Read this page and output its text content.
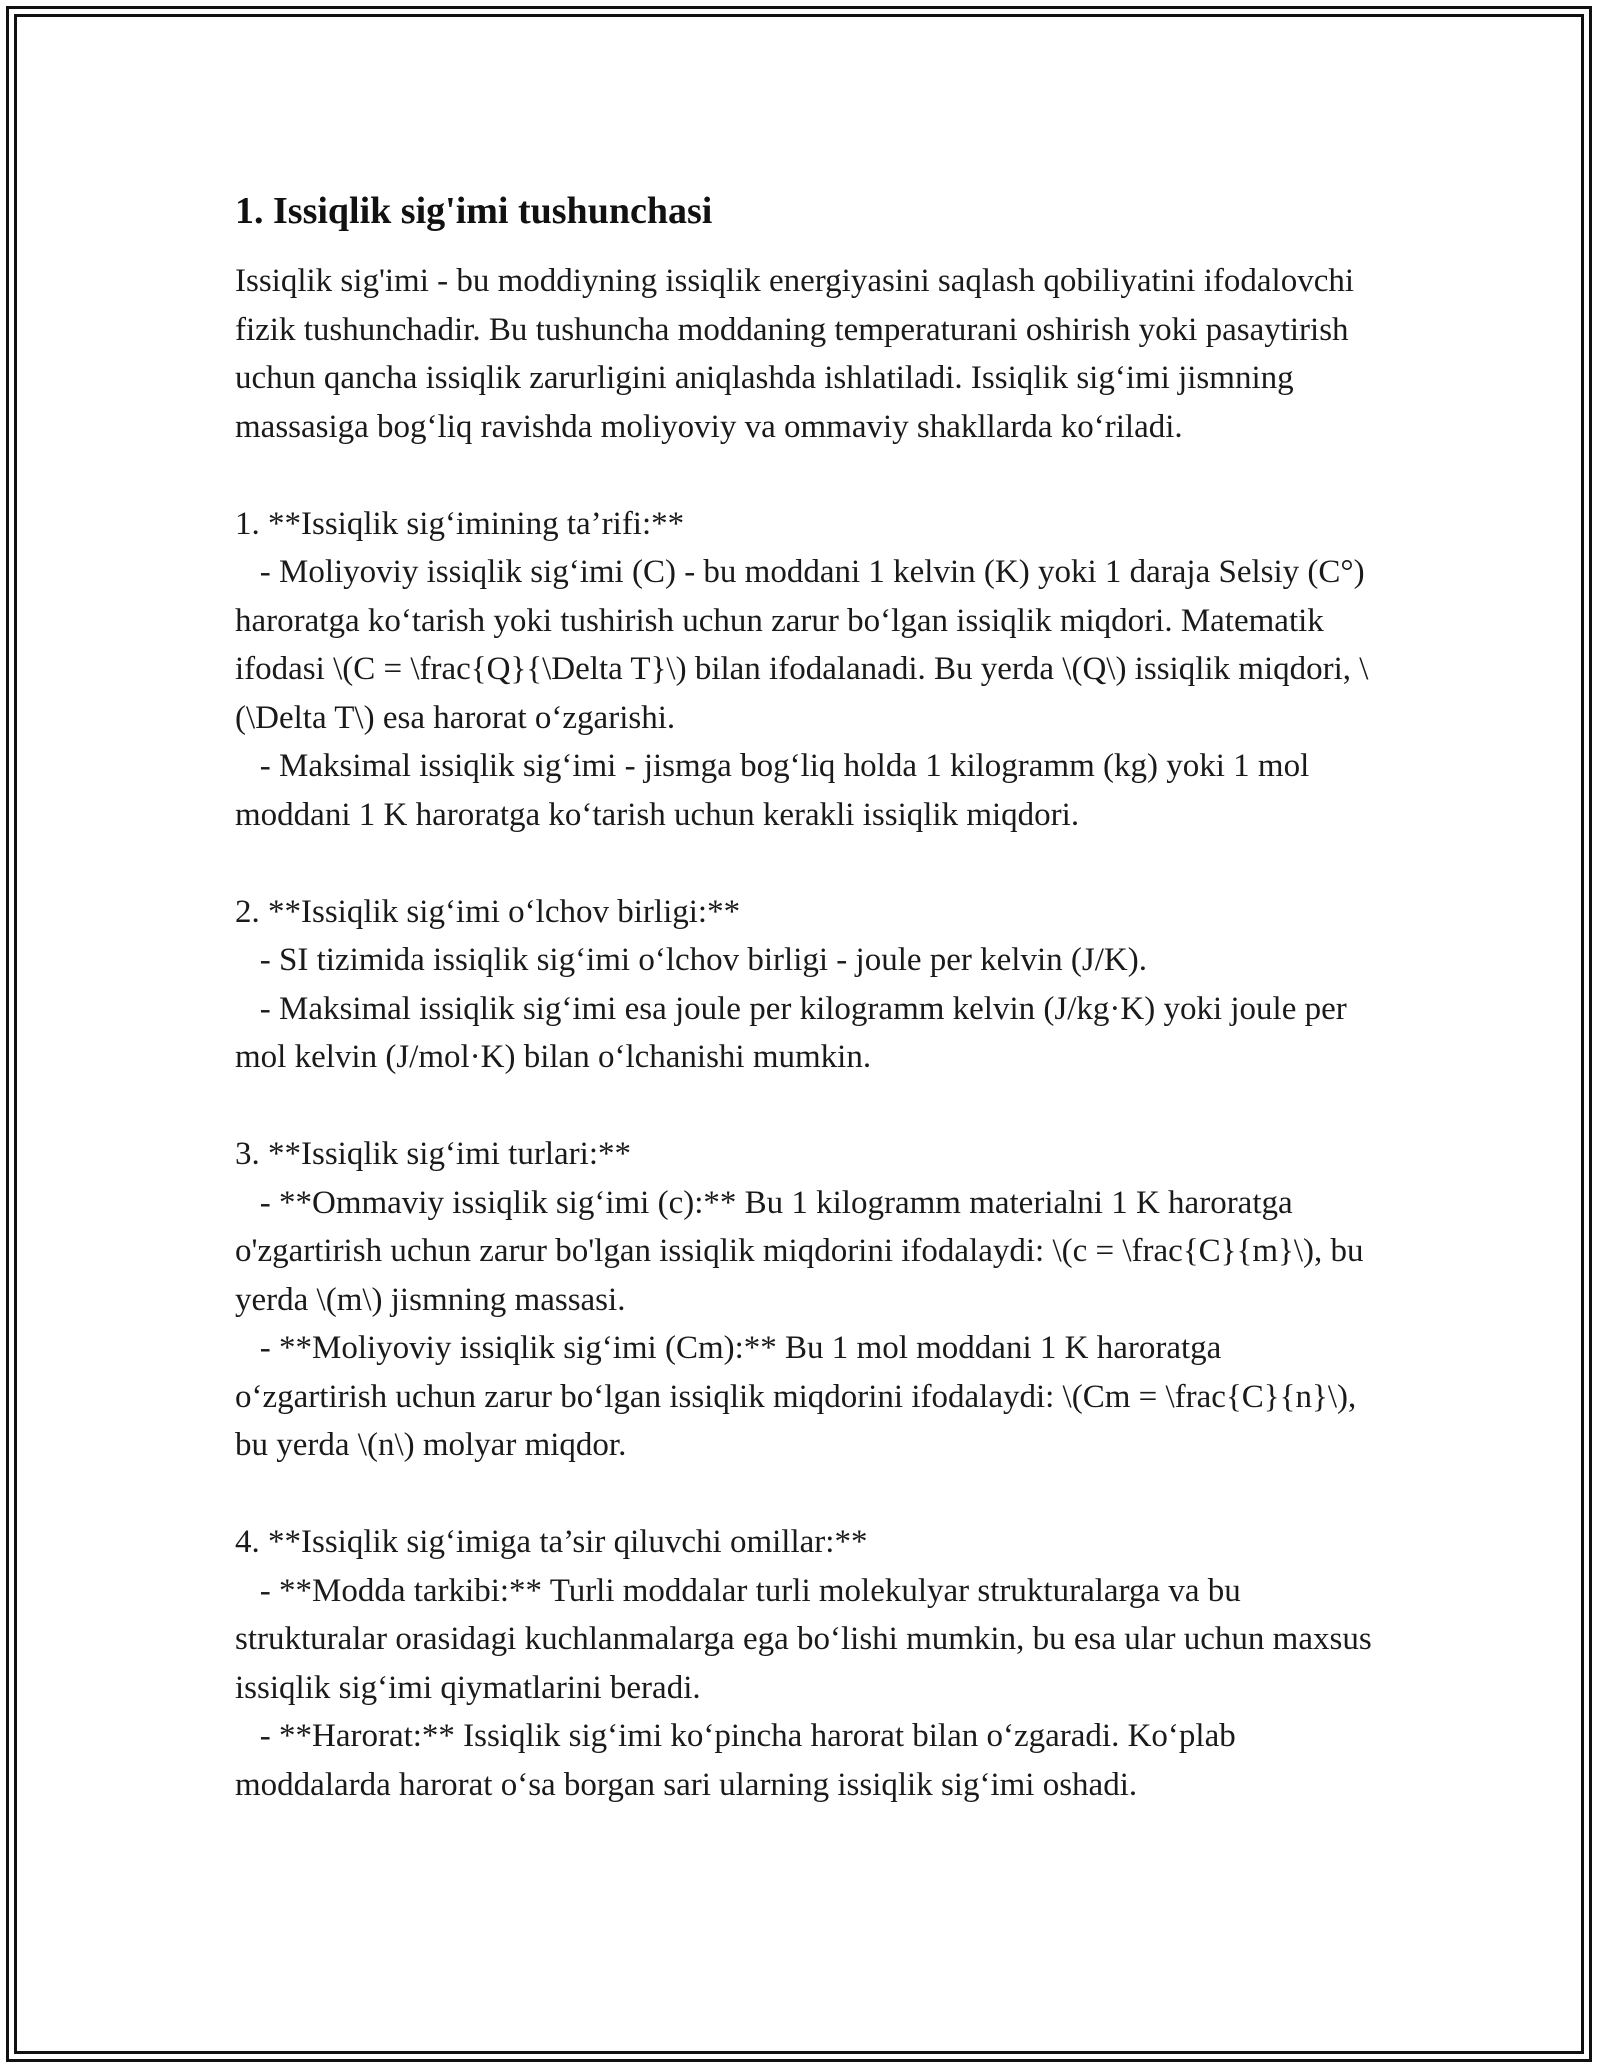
1. Issiqlik sig'imi tushunchasi

Issiqlik sig'imi - bu moddiyning issiqlik energiyasini saqlash qobiliyatini ifodalovchi fizik tushunchadir. Bu tushuncha moddaning temperaturani oshirish yoki pasaytirish uchun qancha issiqlik zarurligini aniqlashda ishlatiladi. Issiqlik sig‘imi jismning massasiga bog‘liq ravishda moliyoviy va ommaviy shakllarda ko‘riladi.

1. **Issiqlik sig‘imining ta’rifi:**
- Moliyoviy issiqlik sig‘imi (C) - bu moddani 1 kelvin (K) yoki 1 daraja Selsiy (C°) haroratga ko‘tarish yoki tushirish uchun zarur bo‘lgan issiqlik miqdori. Matematik ifodasi \(C = \frac{Q}{\Delta T}\) bilan ifodalanadi. Bu yerda \(Q\) issiqlik miqdori, \(\Delta T\) esa harorat o‘zgarishi.
- Maksimal issiqlik sig‘imi - jismga bog‘liq holda 1 kilogramm (kg) yoki 1 mol moddani 1 K haroratga ko‘tarish uchun kerakli issiqlik miqdori.
2. **Issiqlik sig‘imi o‘lchov birligi:**
- SI tizimida issiqlik sig‘imi o‘lchov birligi - joule per kelvin (J/K).
- Maksimal issiqlik sig‘imi esa joule per kilogramm kelvin (J/kg·K) yoki joule per mol kelvin (J/mol·K) bilan o‘lchanishi mumkin.
3. **Issiqlik sig‘imi turlari:**
- **Ommaviy issiqlik sig‘imi (c):** Bu 1 kilogramm materialni 1 K haroratga o'zgartirish uchun zarur bo'lgan issiqlik miqdorini ifodalaydi: \(c = \frac{C}{m}\), bu yerda \(m\) jismning massasi.
- **Moliyoviy issiqlik sig‘imi (Cm):** Bu 1 mol moddani 1 K haroratga o‘zgartirish uchun zarur bo‘lgan issiqlik miqdorini ifodalaydi: \(Cm = \frac{C}{n}\), bu yerda \(n\) molyar miqdor.
4. **Issiqlik sig‘imiga ta’sir qiluvchi omillar:**
- **Modda tarkibi:** Turli moddalar turli molekulyar strukturalarga va bu strukturalar orasidagi kuchlanmalarga ega bo‘lishi mumkin, bu esa ular uchun maxsus issiqlik sig‘imi qiymatlarini beradi.
- **Harorat:** Issiqlik sig‘imi ko‘pincha harorat bilan o‘zgaradi. Ko‘plab moddalarda harorat o‘sa borgan sari ularning issiqlik sig‘imi oshadi.
